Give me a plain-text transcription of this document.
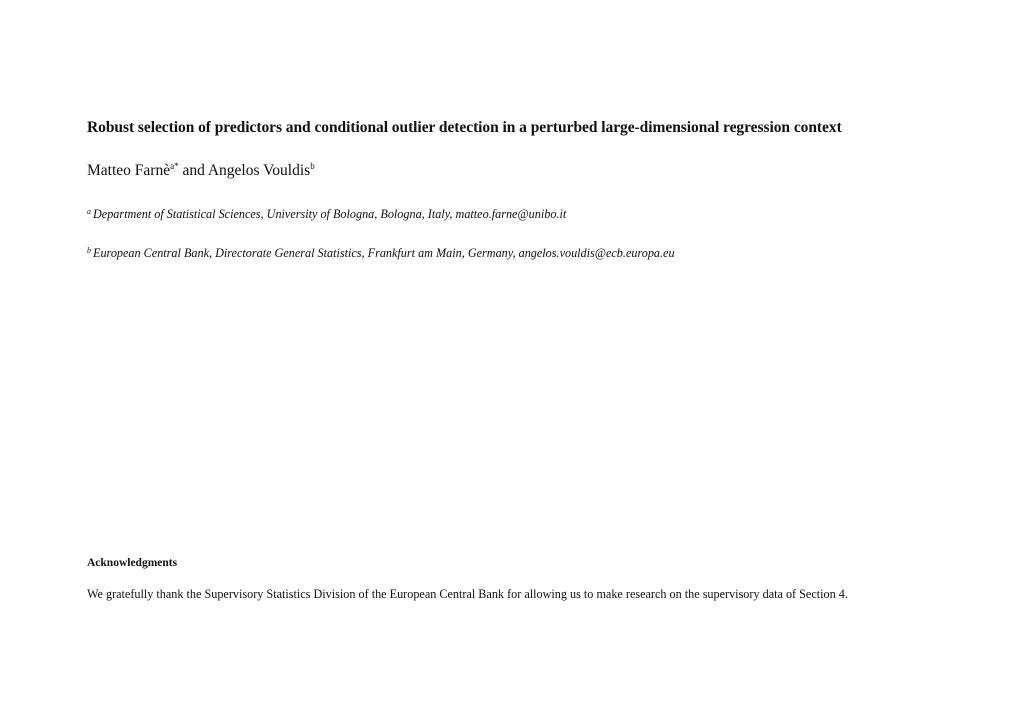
Robust selection of predictors and conditional outlier detection in a perturbed large-dimensional regression context
Matteo Farnè$^{a*}$ and Angelos Vouldis$^b$
$^a$ Department of Statistical Sciences, University of Bologna, Bologna, Italy, matteo.farne@unibo.it
$^b$ European Central Bank, Directorate General Statistics, Frankfurt am Main, Germany, angelos.vouldis@ecb.europa.eu
Acknowledgments
We gratefully thank the Supervisory Statistics Division of the European Central Bank for allowing us to make research on the supervisory data of Section 4.
